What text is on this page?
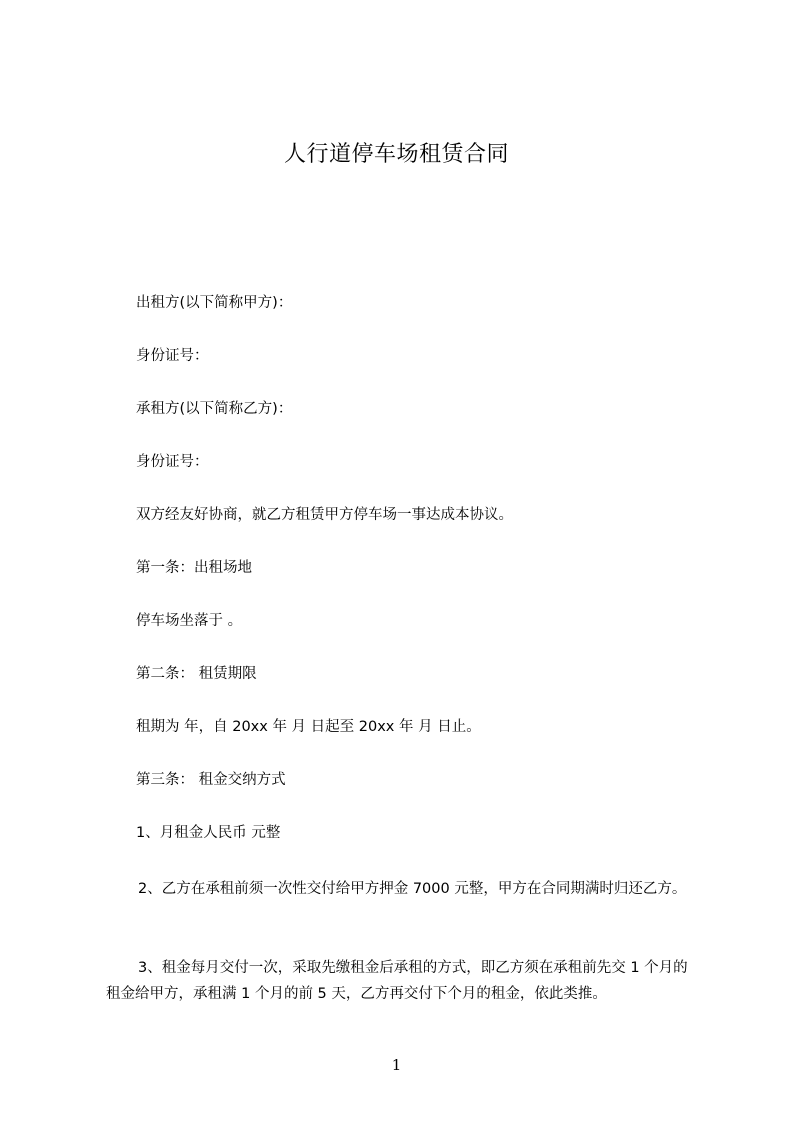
人行道停车场租赁合同
出租方(以下简称甲方)：
身份证号：
承租方(以下简称乙方)：
身份证号：
双方经友好协商，就乙方租赁甲方停车场一事达成本协议。
第一条：出租场地
停车场坐落于 。
第二条： 租赁期限
租期为 年，自 20xx 年 月 日起至 20xx 年 月 日止。
第三条： 租金交纳方式
1、月租金人民币 元整
2、乙方在承租前须一次性交付给甲方押金 7000 元整，甲方在合同期满时归还乙方。
3、租金每月交付一次，采取先缴租金后承租的方式，即乙方须在承租前先交 1 个月的租金给甲方，承租满 1 个月的前 5 天，乙方再交付下个月的租金，依此类推。
1
